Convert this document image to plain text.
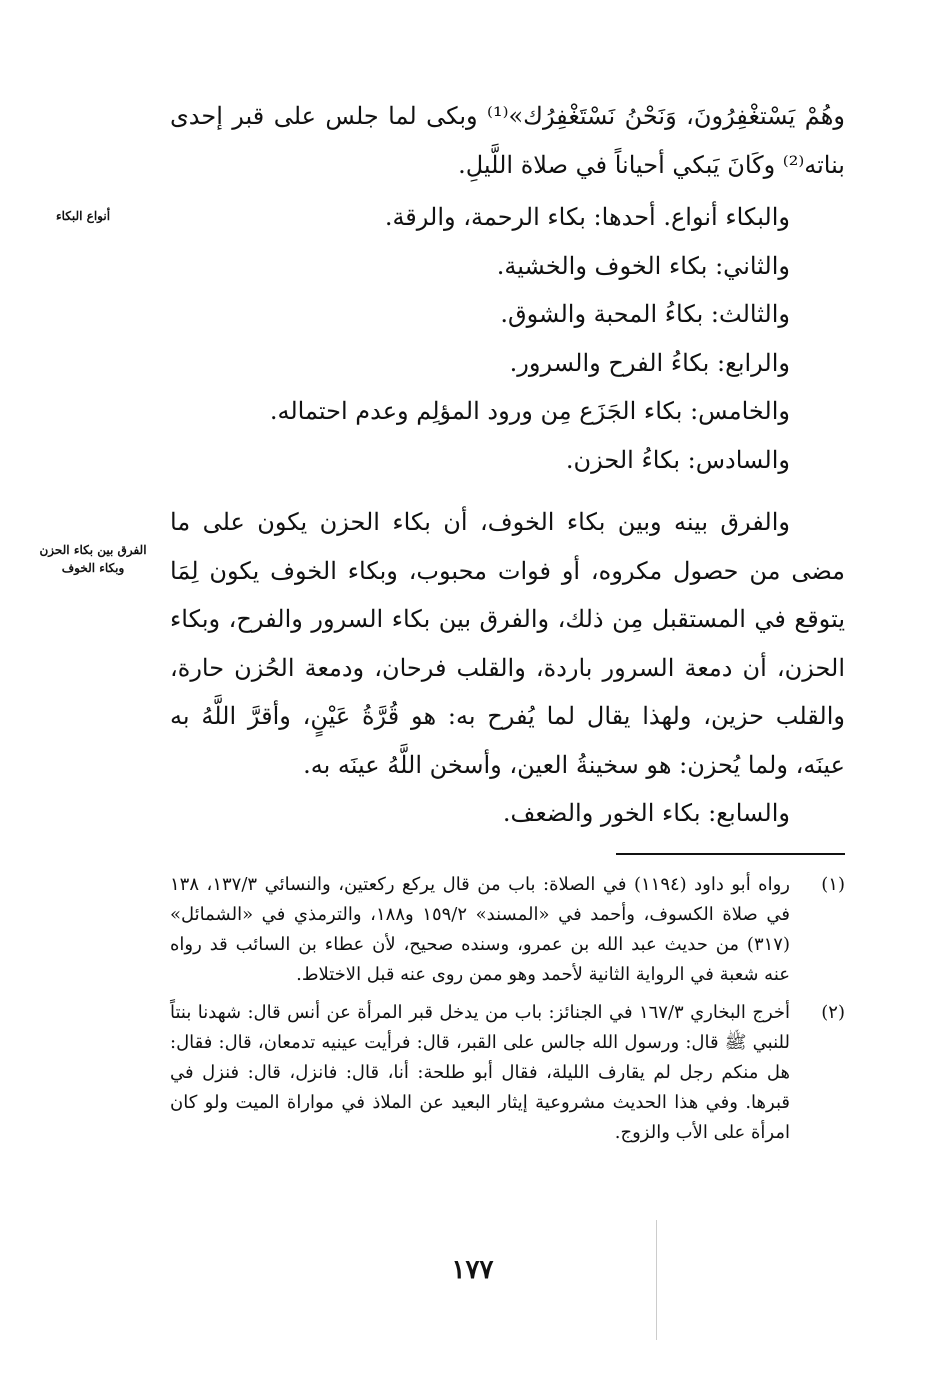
وهُمْ يَسْتغْفِرُونَ، وَنَحْنُ نَسْتَغْفِرُك»⁽¹⁾ وبكى لما جلس على قبر إحدى بناته⁽²⁾ وكَانَ يَبكي أحياناً في صلاة اللَّيلِ.

والبكاء أنواع. أحدها: بكاء الرحمة، والرقة.

والثاني: بكاء الخوف والخشية.

والثالث: بكاءُ المحبة والشوق.

والرابع: بكاءُ الفرح والسرور.

والخامس: بكاء الجَزَع مِن ورود المؤلِم وعدم احتماله.

والسادس: بكاءُ الحزن.

والفرق بينه وبين بكاء الخوف، أن بكاء الحزن يكون على ما مضى من حصول مكروه، أو فوات محبوب، وبكاء الخوف يكون لِمَا يتوقع في المستقبل مِن ذلك، والفرق بين بكاء السرور والفرح، وبكاء الحزن، أن دمعة السرور باردة، والقلب فرحان، ودمعة الحُزن حارة، والقلب حزين، ولهذا يقال لما يُفرح به: هو قُرَّةُ عَيْنٍ، وأقرَّ اللَّهُ به عينَه، ولما يُحزن: هو سخينةُ العين، وأسخن اللَّهُ عينَه به.

والسابع: بكاء الخور والضعف.

أنواع البكاء
الفرق بين بكاء الحزن وبكاء الخوف
(١)
رواه أبو داود (١١٩٤) في الصلاة: باب من قال يركع ركعتين، والنسائي ١٣٧/٣، ١٣٨ في صلاة الكسوف، وأحمد في «المسند» ١٥٩/٢ و١٨٨، والترمذي في «الشمائل» (٣١٧) من حديث عبد الله بن عمرو، وسنده صحيح، لأن عطاء بن السائب قد رواه عنه شعبة في الرواية الثانية لأحمد وهو ممن روى عنه قبل الاختلاط.
(٢)
أخرج البخاري ١٦٧/٣ في الجنائز: باب من يدخل قبر المرأة عن أنس قال: شهدنا بنتاً للنبي ﷺ قال: ورسول الله جالس على القبر، قال: فرأيت عينيه تدمعان، قال: فقال: هل منكم رجل لم يقارف الليلة، فقال أبو طلحة: أنا، قال: فانزل، قال: فنزل في قبرها. وفي هذا الحديث مشروعية إيثار البعيد عن الملاذ في مواراة الميت ولو كان امرأة على الأب والزوج.
١٧٧
